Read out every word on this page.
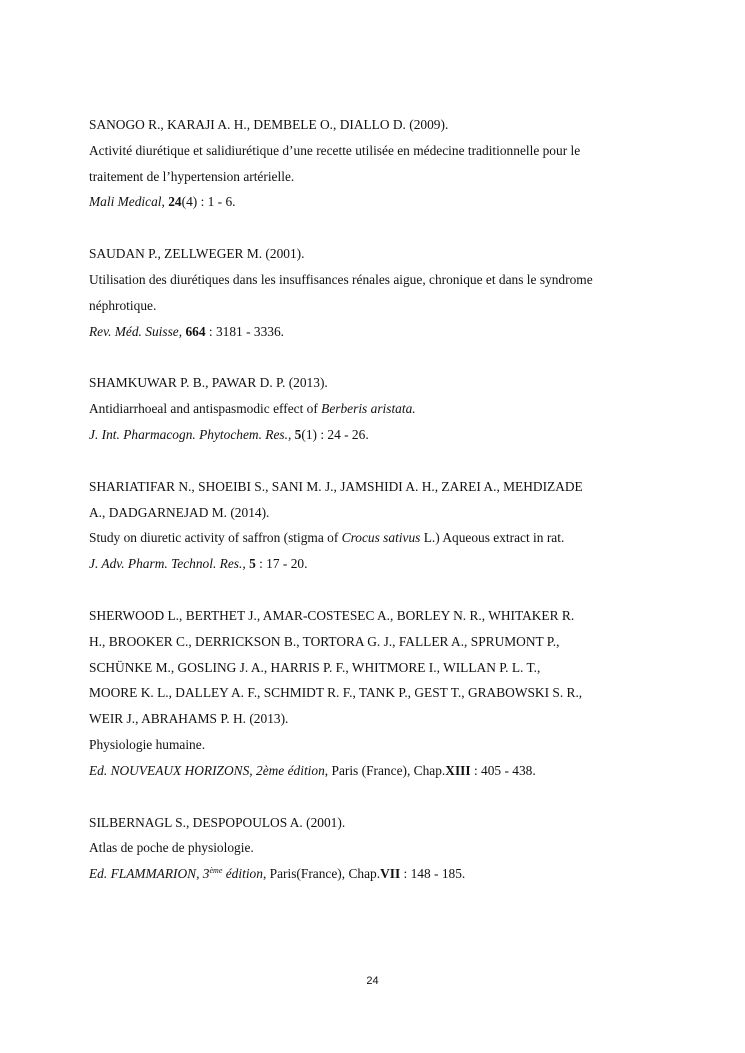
SANOGO R., KARAJI A. H., DEMBELE O., DIALLO D. (2009).
Activité diurétique et salidiurétique d’une recette utilisée en médecine traditionnelle pour le
traitement de l’hypertension artérielle.
Mali Medical, 24(4) : 1 - 6.
SAUDAN P., ZELLWEGER M. (2001).
Utilisation des diurétiques dans les insuffisances rénales aigue, chronique et dans le syndrome
néphrotique.
Rev. Méd. Suisse, 664 : 3181 - 3336.
SHAMKUWAR P. B., PAWAR D. P. (2013).
Antidiarrhoeal and antispasmodic effect of Berberis aristata.
J. Int. Pharmacogn. Phytochem. Res., 5(1) : 24 - 26.
SHARIATIFAR N., SHOEIBI S., SANI M. J., JAMSHIDI A. H., ZAREI A., MEHDIZADE
A., DADGARNEJAD M. (2014).
Study on diuretic activity of saffron (stigma of Crocus sativus L.) Aqueous extract in rat.
J. Adv. Pharm. Technol. Res., 5 : 17 - 20.
SHERWOOD L., BERTHET J., AMAR-COSTESEC A., BORLEY N. R., WHITAKER R.
H., BROOKER C., DERRICKSON B., TORTORA G. J., FALLER A., SPRUMONT P.,
SCHÜNKE M., GOSLING J. A., HARRIS P. F., WHITMORE I., WILLAN P. L. T.,
MOORE K. L., DALLEY A. F., SCHMIDT R. F., TANK P., GEST T., GRABOWSKI S. R.,
WEIR J., ABRAHAMS P. H. (2013).
Physiologie humaine.
Ed. NOUVEAUX HORIZONS, 2ème édition, Paris (France), Chap.XIII : 405 - 438.
SILBERNAGL S., DESPOPOULOS A. (2001).
Atlas de poche de physiologie.
Ed. FLAMMARION, 3ème édition, Paris(France), Chap.VII : 148 - 185.
24
